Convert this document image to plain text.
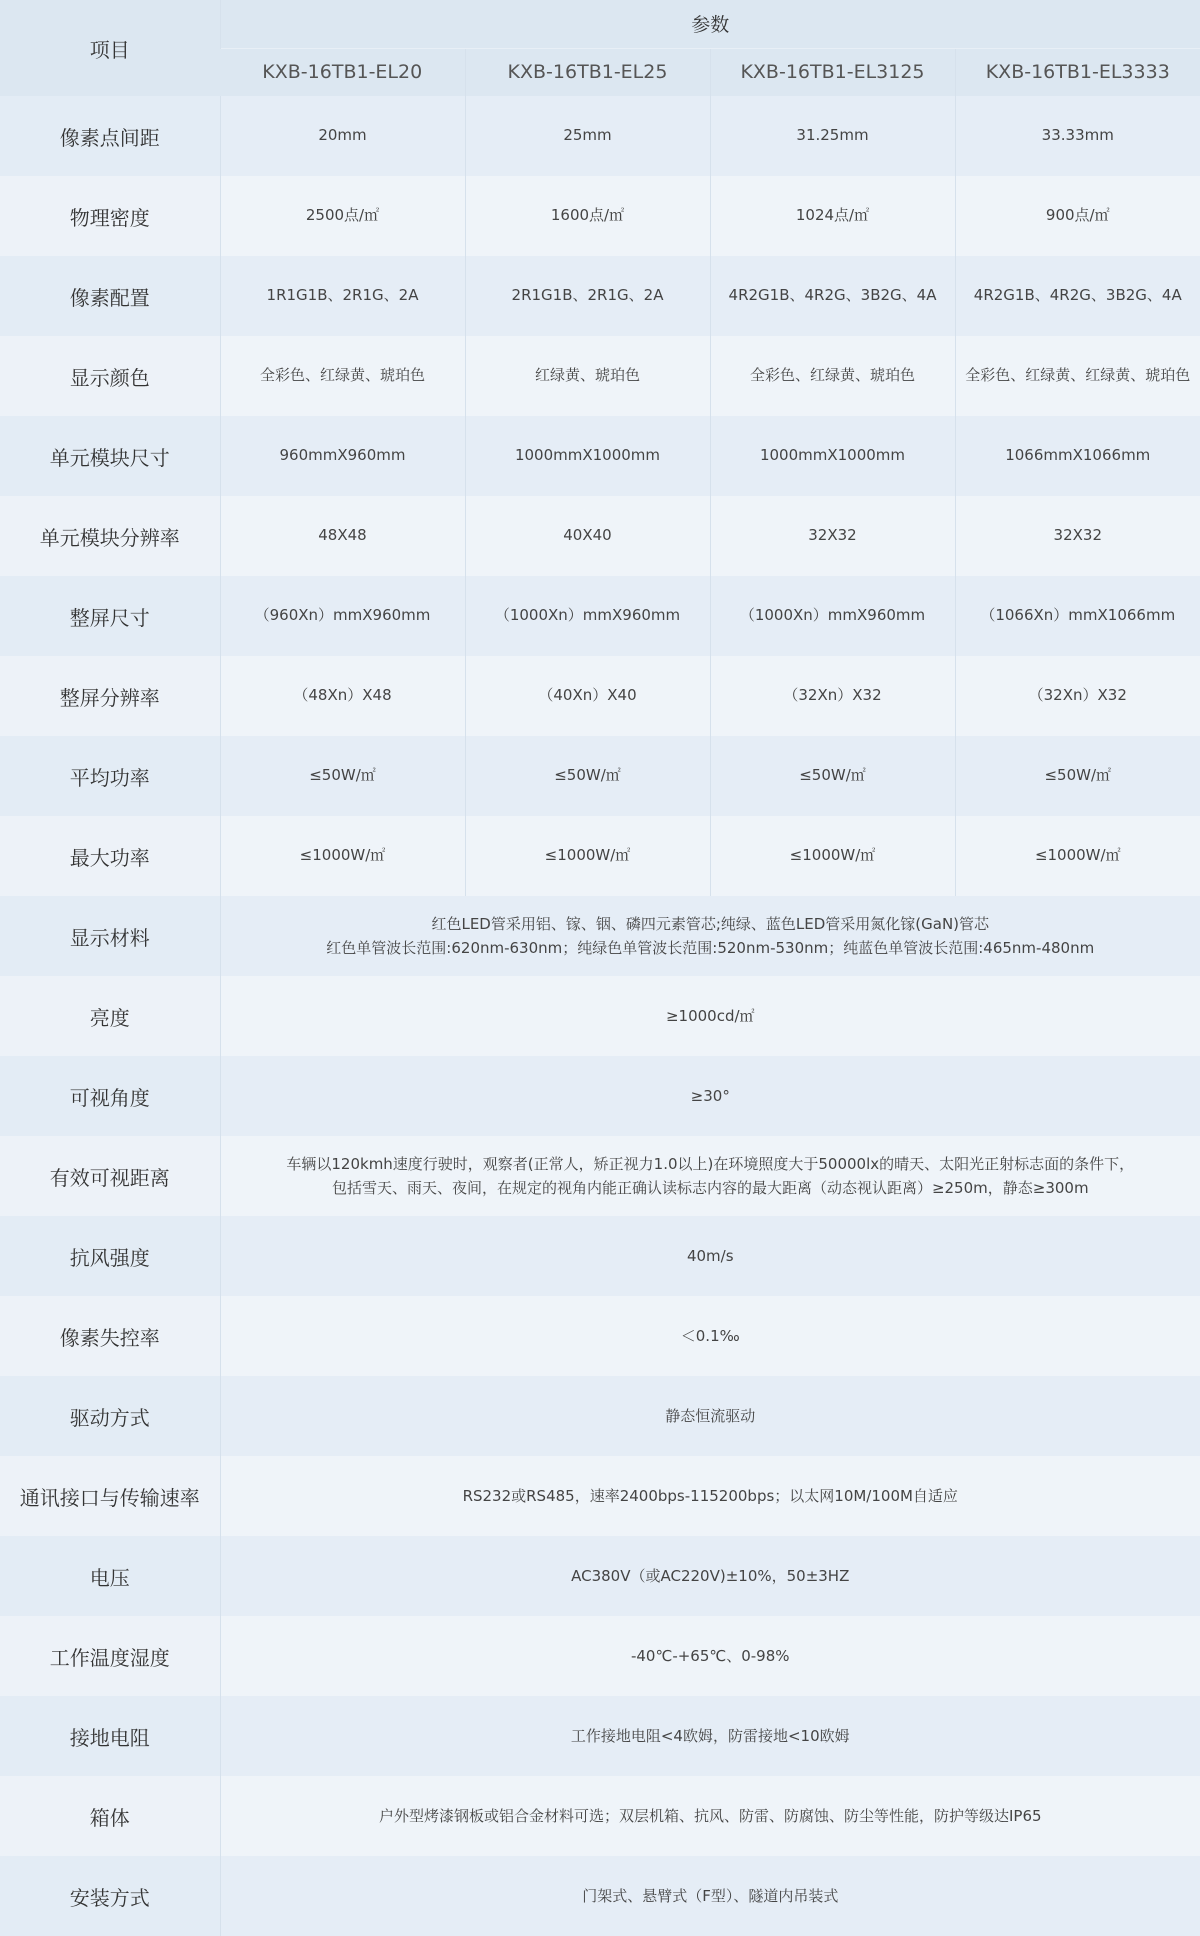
项目	参数			
	KXB-16TB1-EL20	KXB-16TB1-EL25	KXB-16TB1-EL3125	KXB-16TB1-EL3333
像素点间距	20mm	25mm	31.25mm	33.33mm
物理密度	2500点/㎡	1600点/㎡	1024点/㎡	900点/㎡
像素配置	1R1G1B、2R1G、2A	2R1G1B、2R1G、2A	4R2G1B、4R2G、3B2G、4A	4R2G1B、4R2G、3B2G、4A
显示颜色	全彩色、红绿黄、琥珀色	红绿黄、琥珀色	全彩色、红绿黄、琥珀色	全彩色、红绿黄、红绿黄、琥珀色
单元模块尺寸	960mmX960mm	1000mmX1000mm	1000mmX1000mm	1066mmX1066mm
单元模块分辨率	48X48	40X40	32X32	32X32
整屏尺寸	（960Xn）mmX960mm	（1000Xn）mmX960mm	（1000Xn）mmX960mm	（1066Xn）mmX1066mm
整屏分辨率	（48Xn）X48	（40Xn）X40	（32Xn）X32	（32Xn）X32
平均功率	≤50W/㎡	≤50W/㎡	≤50W/㎡	≤50W/㎡
最大功率	≤1000W/㎡	≤1000W/㎡	≤1000W/㎡	≤1000W/㎡
显示材料	红色LED管采用铝、镓、铟、磷四元素管芯;纯绿、蓝色LED管采用氮化镓(GaN)管芯
红色单管波长范围:620nm-630nm；纯绿色单管波长范围:520nm-530nm；纯蓝色单管波长范围:465nm-480nm			

亮度	≥1000cd/㎡			

可视角度	≥30°			

有效可视距离	车辆以120kmh速度行驶时，观察者(正常人，矫正视力1.0以上)在环境照度大于50000lx的晴天、太阳光正射标志面的条件下，
包括雪天、雨天、夜间，在规定的视角内能正确认读标志内容的最大距离（动态视认距离）≥250m，静态≥300m			

抗风强度	40m/s			

像素失控率	＜0.1‰			

驱动方式	静态恒流驱动			

通讯接口与传输速率	RS232或RS485，速率2400bps-115200bps；以太网10M/100M自适应			

电压	AC380V（或AC220V)±10%，50±3HZ			

工作温度湿度	-40℃-+65℃、0-98%			

接地电阻	工作接地电阻<4欧姆，防雷接地<10欧姆			

箱体	户外型烤漆钢板或铝合金材料可选；双层机箱、抗风、防雷、防腐蚀、防尘等性能，防护等级达IP65			

安装方式	门架式、悬臂式（F型）、隧道内吊装式			
